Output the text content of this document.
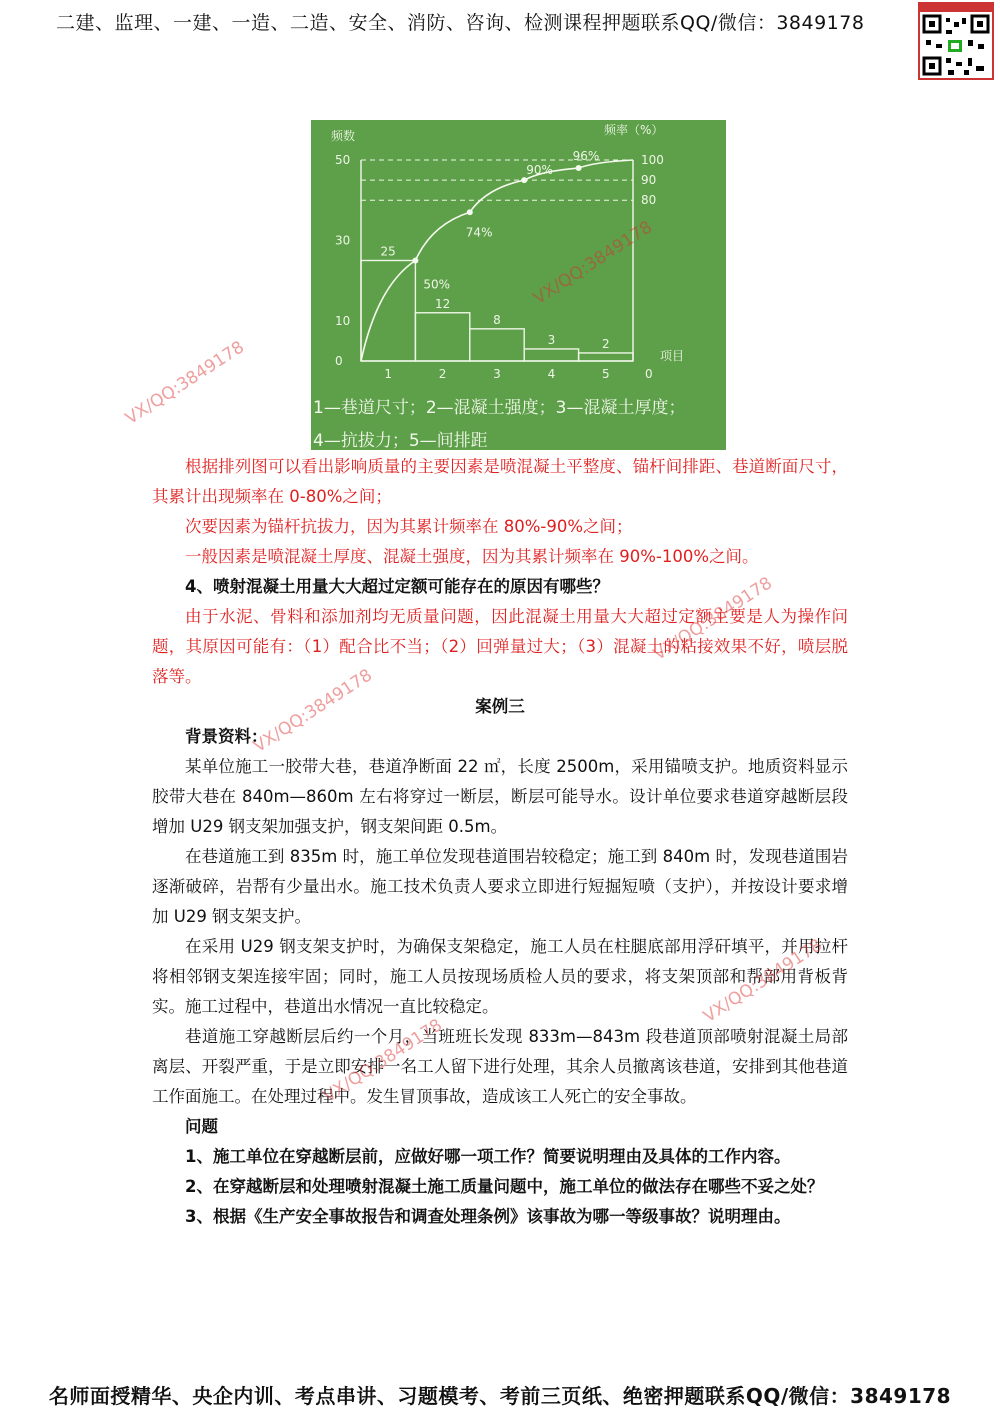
二建、监理、一建、一造、二造、安全、消防、咨询、检测课程押题联系QQ/微信：3849178
频数	频率（%）
项目
0
10
30
50
80
90
100
25
1
12
2
8
3
3
4
2
5	0
50%
74%
90%
96%
1—巷道尺寸；2—混凝土强度；3—混凝土厚度；
4—抗拔力；5—间排距

根据排列图可以看出影响质量的主要因素是喷混凝土平整度、锚杆间排距、巷道断面尺寸，其累计出现频率在 0-80%之间；

次要因素为锚杆抗拔力，因为其累计频率在 80%-90%之间；

一般因素是喷混凝土厚度、混凝土强度，因为其累计频率在 90%-100%之间。

4、喷射混凝土用量大大超过定额可能存在的原因有哪些？

由于水泥、骨料和添加剂均无质量问题，因此混凝土用量大大超过定额主要是人为操作问题，其原因可能有：（1）配合比不当；（2）回弹量过大；（3）混凝土的粘接效果不好，喷层脱落等。

案例三

背景资料：

某单位施工一胶带大巷，巷道净断面 22 ㎡，长度 2500m，采用锚喷支护。地质资料显示胶带大巷在 840m—860m 左右将穿过一断层，断层可能导水。设计单位要求巷道穿越断层段增加 U29 钢支架加强支护，钢支架间距 0.5m。

在巷道施工到 835m 时，施工单位发现巷道围岩较稳定；施工到 840m 时，发现巷道围岩逐渐破碎，岩帮有少量出水。施工技术负责人要求立即进行短掘短喷（支护），并按设计要求增加 U29 钢支架支护。

在采用 U29 钢支架支护时，为确保支架稳定，施工人员在柱腿底部用浮矸填平，并用拉杆将相邻钢支架连接牢固；同时，施工人员按现场质检人员的要求，将支架顶部和帮部用背板背实。施工过程中，巷道出水情况一直比较稳定。

巷道施工穿越断层后约一个月，当班班长发现 833m—843m 段巷道顶部喷射混凝土局部离层、开裂严重，于是立即安排一名工人留下进行处理，其余人员撤离该巷道，安排到其他巷道工作面施工。在处理过程中。发生冒顶事故，造成该工人死亡的安全事故。

问题

1、施工单位在穿越断层前，应做好哪一项工作？简要说明理由及具体的工作内容。

2、在穿越断层和处理喷射混凝土施工质量问题中，施工单位的做法存在哪些不妥之处？

3、根据《生产安全事故报告和调查处理条例》该事故为哪一等级事故？说明理由。

VX/QQ:3849178
VX/QQ:3849178
VX/QQ:3849178
VX/QQ:3849178
VX/QQ:3849178
VX/QQ:3849178
名师面授精华、央企内训、考点串讲、习题模考、考前三页纸、绝密押题联系QQ/微信：3849178
